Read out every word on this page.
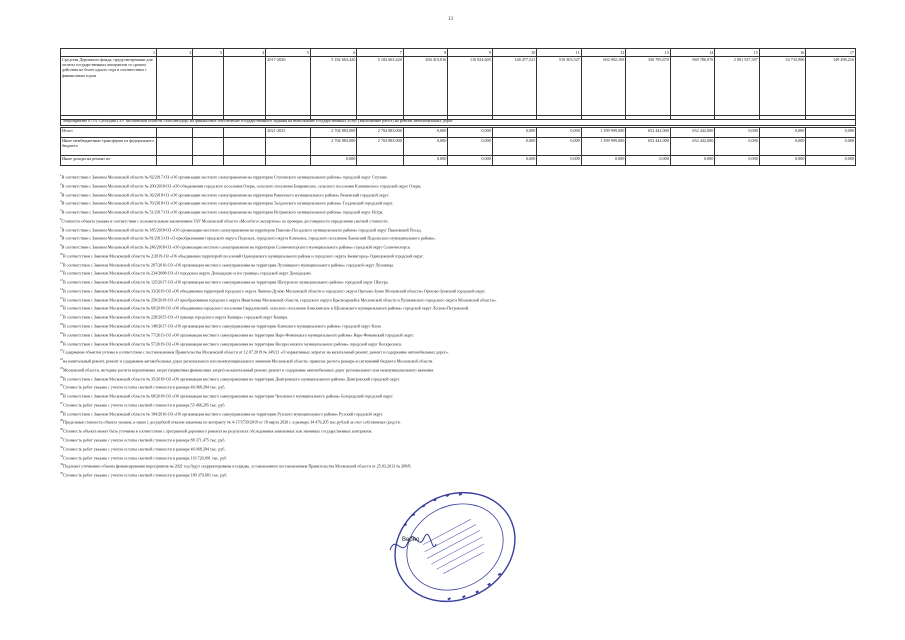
13
1	2	3	4	5	6	7	8	9	10	11	12	13	14	15	16	17
Средства Дорожного фонда, предусмотренные для оплаты государственных контрактов со сроком действия не более одного года в соответствии с финансовым годом				2017-2026	5 182 663,420	5 182 663,420	284 419,016	110 824,605	148 477,521	510 303,547	602 992,169	330 795,670	969 786,976	2 081 537,397	54 733,900	149 496,216
Мероприятие 07.01 Субсидия ГБУ Московской области «Мосавтодор» на финансовое обеспечение государственного задания на выполнение государственных услуг (выполнение работ) на ремонт автомобильных дорог
Итого				2021-2025	2 704 883,000	2 704 883,000	0,000	0,000	0,000	0,000	1 399 999,000	652 442,000	652 442,000	0,000	0,000	0,000
Иные межбюджетные трансферты из федерального бюджета					2 704 883,000	2 704 883,000	0,000	0,000	0,000	0,000	1 399 999,000	652 442,000	652 442,000	0,000	0,000	0,000
Иные доходы на ремонт по					0,000		0,000	0,000	0,000	0,000	0,000	0,000	0,000	0,000	0,000	0,000
$^1$В соответствии с Законом Московской области № 82/2017-ОЗ «Об организации местного самоуправления на территории Ступинского муниципального района» городской округ Ступино.
$^2$В соответствии с Законом Московской области № 200/2018-ОЗ «Об объединении городского поселения Озеры, сельского поселения Бояркинское, сельского поселения Клишинское» городской округ Озеры.
$^3$В соответствии с Законом Московской области № 36/2018-ОЗ «Об организации местного самоуправления на территории Раменского муниципального района» Раменский городской округ.
$^4$В соответствии с Законом Московской области № 70/2018-ОЗ «Об организации местного самоуправления на территории Талдомского муниципального района» Талдомский городской округ.
$^5$В соответствии с Законом Московской области № 51/2017-ОЗ «Об организации местного самоуправления на территории Истринского муниципального района» городской округ Истра.
$^6$Стоимость объекта указана в соответствии с положительным заключением ГАУ Московской области «Мособлгосэкспертиза» по проверке достоверности определения сметной стоимости.
$^7$В соответствии с Законом Московской области № 185/2018-ОЗ «Об организации местного самоуправления на территории Павлово-Посадского муниципального района» городской округ Павловский Посад.
$^8$В соответствии с Законом Московской области № 81/2015-ОЗ «О преобразовании городского округа Подольск, городского округа Климовск, городского поселения Львовский Подольского муниципального района».
$^9$В соответствии с Законом Московской области № 246/2018-ОЗ «Об организации местного самоуправления на территории Солнечногорского муниципального района» городской округ Солнечногорск.
$^{10}$В соответствии с Законом Московской области № 2/2019-ОЗ «Об объединении территорий поселений Одинцовского муниципального района и городского округа Звенигород» Одинцовский городской округ.
$^{11}$В соответствии с Законом Московской области № 207/2016-ОЗ «Об организации местного самоуправления на территории Луховицкого муниципального района» городской округ Луховицы.
$^{12}$В соответствии с Законом Московской области № 234/2008-ОЗ «О городском округе Домодедово и его границе» городской округ Домодедово.
$^{13}$В соответствии с Законом Московской области № 125/2017-ОЗ «Об организации местного самоуправления на территории Шатурского муниципального района» городской округ Шатура.
$^{14}$В соответствии с Законом Московской области № 33/2019-ОЗ «Об объединении территорий городского округа Ликино-Дулёво Московской области и городского округа Орехово-Зуево Московской области» Орехово-Зуевский городской округ.
$^{15}$В соответствии с Законом Московской области № 250/2018-ОЗ «О преобразовании городского округа Ивантеевка Московской области, городского округа Красноармейск Московской области и Пушкинского городского округа Московской области».
$^{16}$В соответствии с Законом Московской области № 69/2018-ОЗ «Об объединении городского поселения Свердловский, сельского поселения Анискинское и Щёлковского муниципального района» городской округ Лосино-Петровский.
$^{17}$В соответствии с Законом Московской области № 228/2015-ОЗ «О границе городского округа Кашира» городской округ Кашира.
$^{18}$В соответствии с Законом Московской области № 148/2017-ОЗ «Об организации местного самоуправления на территории Клинского муниципального района» городской округ Клин.
$^{19}$В соответствии с Законом Московской области № 77/2013-ОЗ «Об организации местного самоуправления на территории Наро-Фоминского муниципального района» Наро-Фоминский городской округ.
$^{20}$В соответствии с Законом Московской области № 57/2019-ОЗ «Об организации местного самоуправления на территории Воскресенского муниципального района» городской округ Воскресенск.
$^{21}$Содержание объектов учтены в соответствии с постановлением Правительства Московской области от 12.07.2019 № 349/21 «О нормативных затратах на капитальный ремонт, ремонт и содержание автомобильных дорог».
$^{22}$на капитальный ремонт, ремонт и содержание автомобильных дорог регионального или межмуниципального значения Московской области, правилах расчета размера ассигнований бюджета Московской области.
$^{23}$Московской области, методике расчета нормативных затрат (нормативы финансовых затрат) на капитальный ремонт, ремонт и содержание автомобильных дорог регионального или межмуниципального значения.
$^{24}$В соответствии с Законом Московской области № 35/2018-ОЗ «Об организации местного самоуправления на территории Дмитровского муниципального района» Дмитровский городской округ.
$^{25}$Стоимость работ указана с учетом остатка сметной стоимости в размере 46 068,394 тыс. руб.
$^{26}$В соответствии с Законом Московской области № 68/2018-ОЗ «Об организации местного самоуправления на территории Чеховского муниципального района» Богородский городской округ.
$^{27}$Стоимость работ указана с учетом остатка сметной стоимости в размере 55 466,295 тыс. руб.
$^{28}$В соответствии с Законом Московской области № 184/2016-ОЗ «Об организации местного самоуправления на территории Рузского муниципального района» Рузский городской округ.
$^{29}$Предельная стоимость объекта указана, в связи с досудебной отказом заказчика по контракту № 4-17/3739/2019 от 18 марта 2020 г. в размере 34 479,205 тыс.рублей за счет собственных средств.
$^{30}$Стоимость объекта может быть уточнена в соответствии с программой дорожного ремонта на результатах обследования заявленных или значимых государственных контрактов.
$^{31}$Стоимость работ указана с учетом остатка сметной стоимости в размере 88 371,475 тыс. руб.
$^{32}$Стоимость работ указана с учетом остатка сметной стоимости в размере 46 068,394 тыс. руб.
$^{33}$Стоимость работ указана с учетом остатка сметной стоимости в размере 116 720,091 тыс. руб.
$^{34}$Подлежат уточнению объемы финансирования мероприятия на 2021 год будут скорректированы в порядке, установленном постановлением Правительства Московской области от 25.03.2013 № 208/8.
$^{35}$Стоимость работ указана с учетом остатка сметной стоимости в размере 189 379,681 тыс. руб.
Верно
